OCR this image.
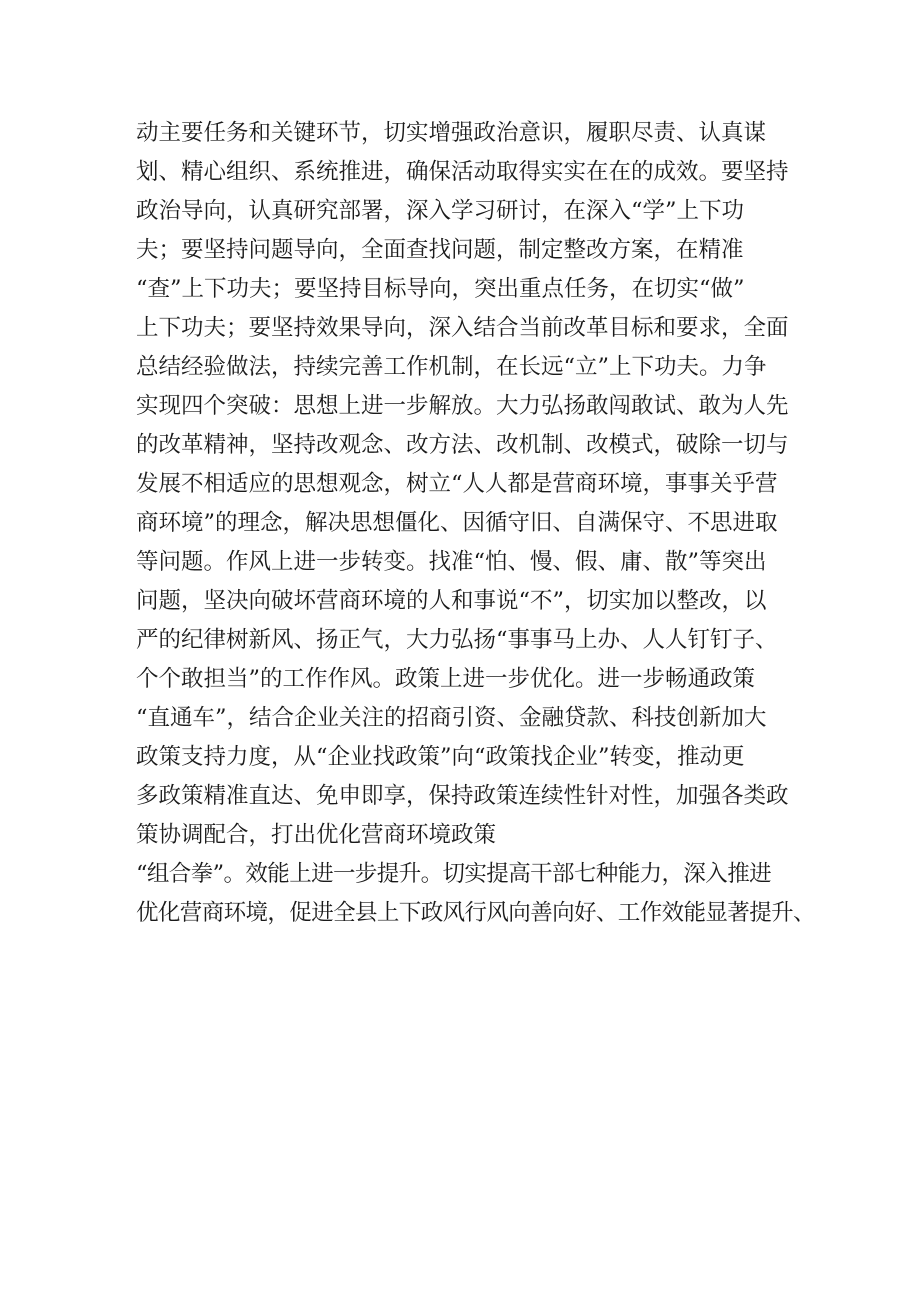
动主要任务和关键环节，切实增强政治意识，履职尽责、认真谋
划、精心组织、系统推进，确保活动取得实实在在的成效。要坚持
政治导向，认真研究部署，深入学习研讨，在深入“学”上下功
夫；要坚持问题导向，全面查找问题，制定整改方案，在精准
“查”上下功夫；要坚持目标导向，突出重点任务，在切实“做”
上下功夫；要坚持效果导向，深入结合当前改革目标和要求，全面
总结经验做法，持续完善工作机制，在长远“立”上下功夫。力争
实现四个突破：思想上进一步解放。大力弘扬敢闯敢试、敢为人先
的改革精神，坚持改观念、改方法、改机制、改模式，破除一切与
发展不相适应的思想观念，树立“人人都是营商环境，事事关乎营
商环境”的理念，解决思想僵化、因循守旧、自满保守、不思进取
等问题。作风上进一步转变。找准“怕、慢、假、庸、散”等突出
问题，坚决向破坏营商环境的人和事说“不”，切实加以整改，以
严的纪律树新风、扬正气，大力弘扬“事事马上办、人人钉钉子、
个个敢担当”的工作作风。政策上进一步优化。进一步畅通政策
“直通车”，结合企业关注的招商引资、金融贷款、科技创新加大
政策支持力度，从“企业找政策”向“政策找企业”转变，推动更
多政策精准直达、免申即享，保持政策连续性针对性，加强各类政
策协调配合，打出优化营商环境政策
“组合拳”。效能上进一步提升。切实提高干部七种能力，深入推进
优化营商环境，促进全县上下政风行风向善向好、工作效能显著提升、
